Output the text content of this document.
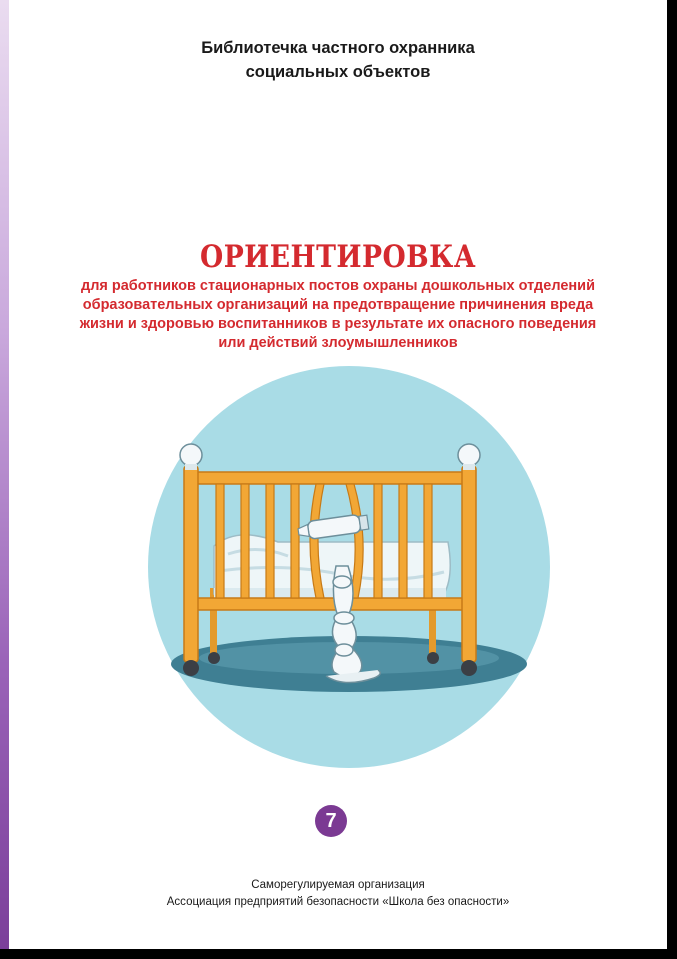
Библиотечка частного охранника
социальных объектов
ОРИЕНТИРОВКА
для работников стационарных постов охраны дошкольных отделений
образовательных организаций на предотвращение причинения вреда
жизни и здоровью воспитанников в результате их опасного поведения
или действий злоумышленников
7
Саморегулируемая организация
Ассоциация предприятий безопасности «Школа без опасности»
